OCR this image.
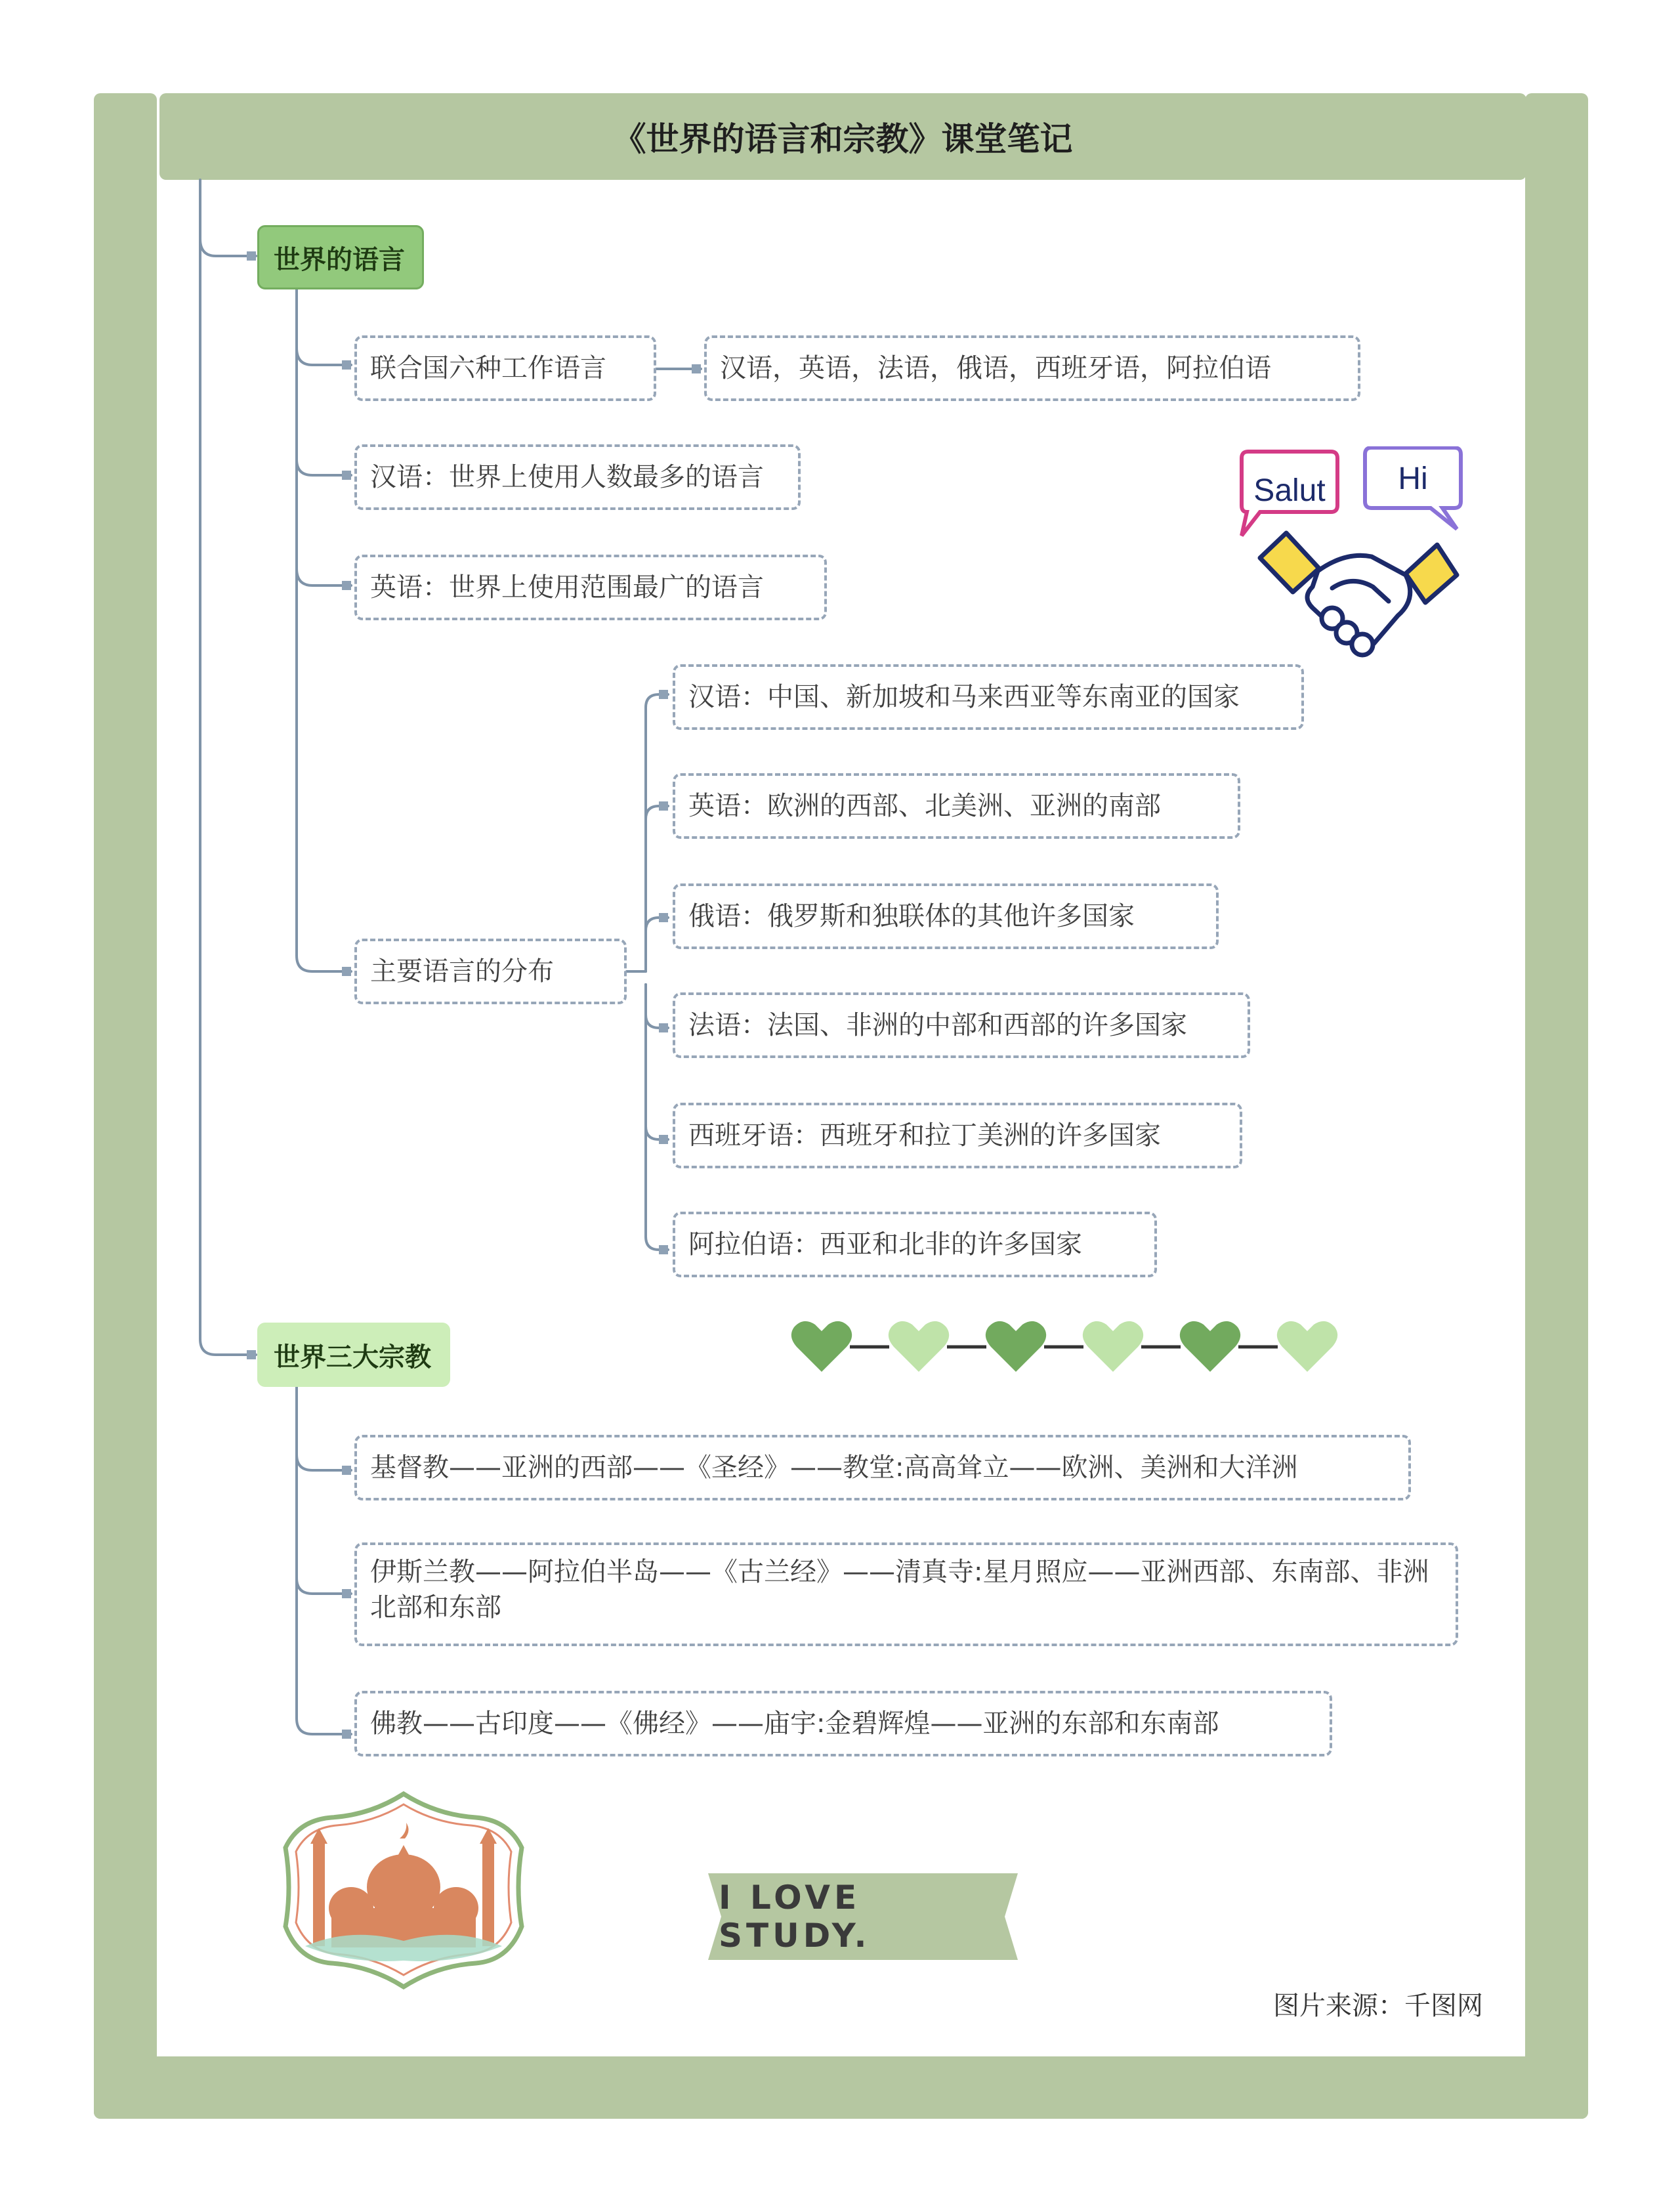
《世界的语言和宗教》课堂笔记
世界的语言
联合国六种工作语言	汉语，英语，法语，俄语，西班牙语，阿拉伯语
汉语：世界上使用人数最多的语言
英语：世界上使用范围最广的语言
主要语言的分布
汉语：中国、新加坡和马来西亚等东南亚的国家
英语：欧洲的西部、北美洲、亚洲的南部
俄语：俄罗斯和独联体的其他许多国家
法语：法国、非洲的中部和西部的许多国家
西班牙语：西班牙和拉丁美洲的许多国家
阿拉伯语：西亚和北非的许多国家
世界三大宗教
基督教——亚洲的西部——《圣经》——教堂:高高耸立——欧洲、美洲和大洋洲
伊斯兰教——阿拉伯半岛——《古兰经》——清真寺:星月照应——亚洲西部、东南部、非洲北部和东部
佛教——古印度——《佛经》——庙宇:金碧辉煌——亚洲的东部和东南部
Salut	Hi
I LOVE STUDY.
图片来源：千图网
